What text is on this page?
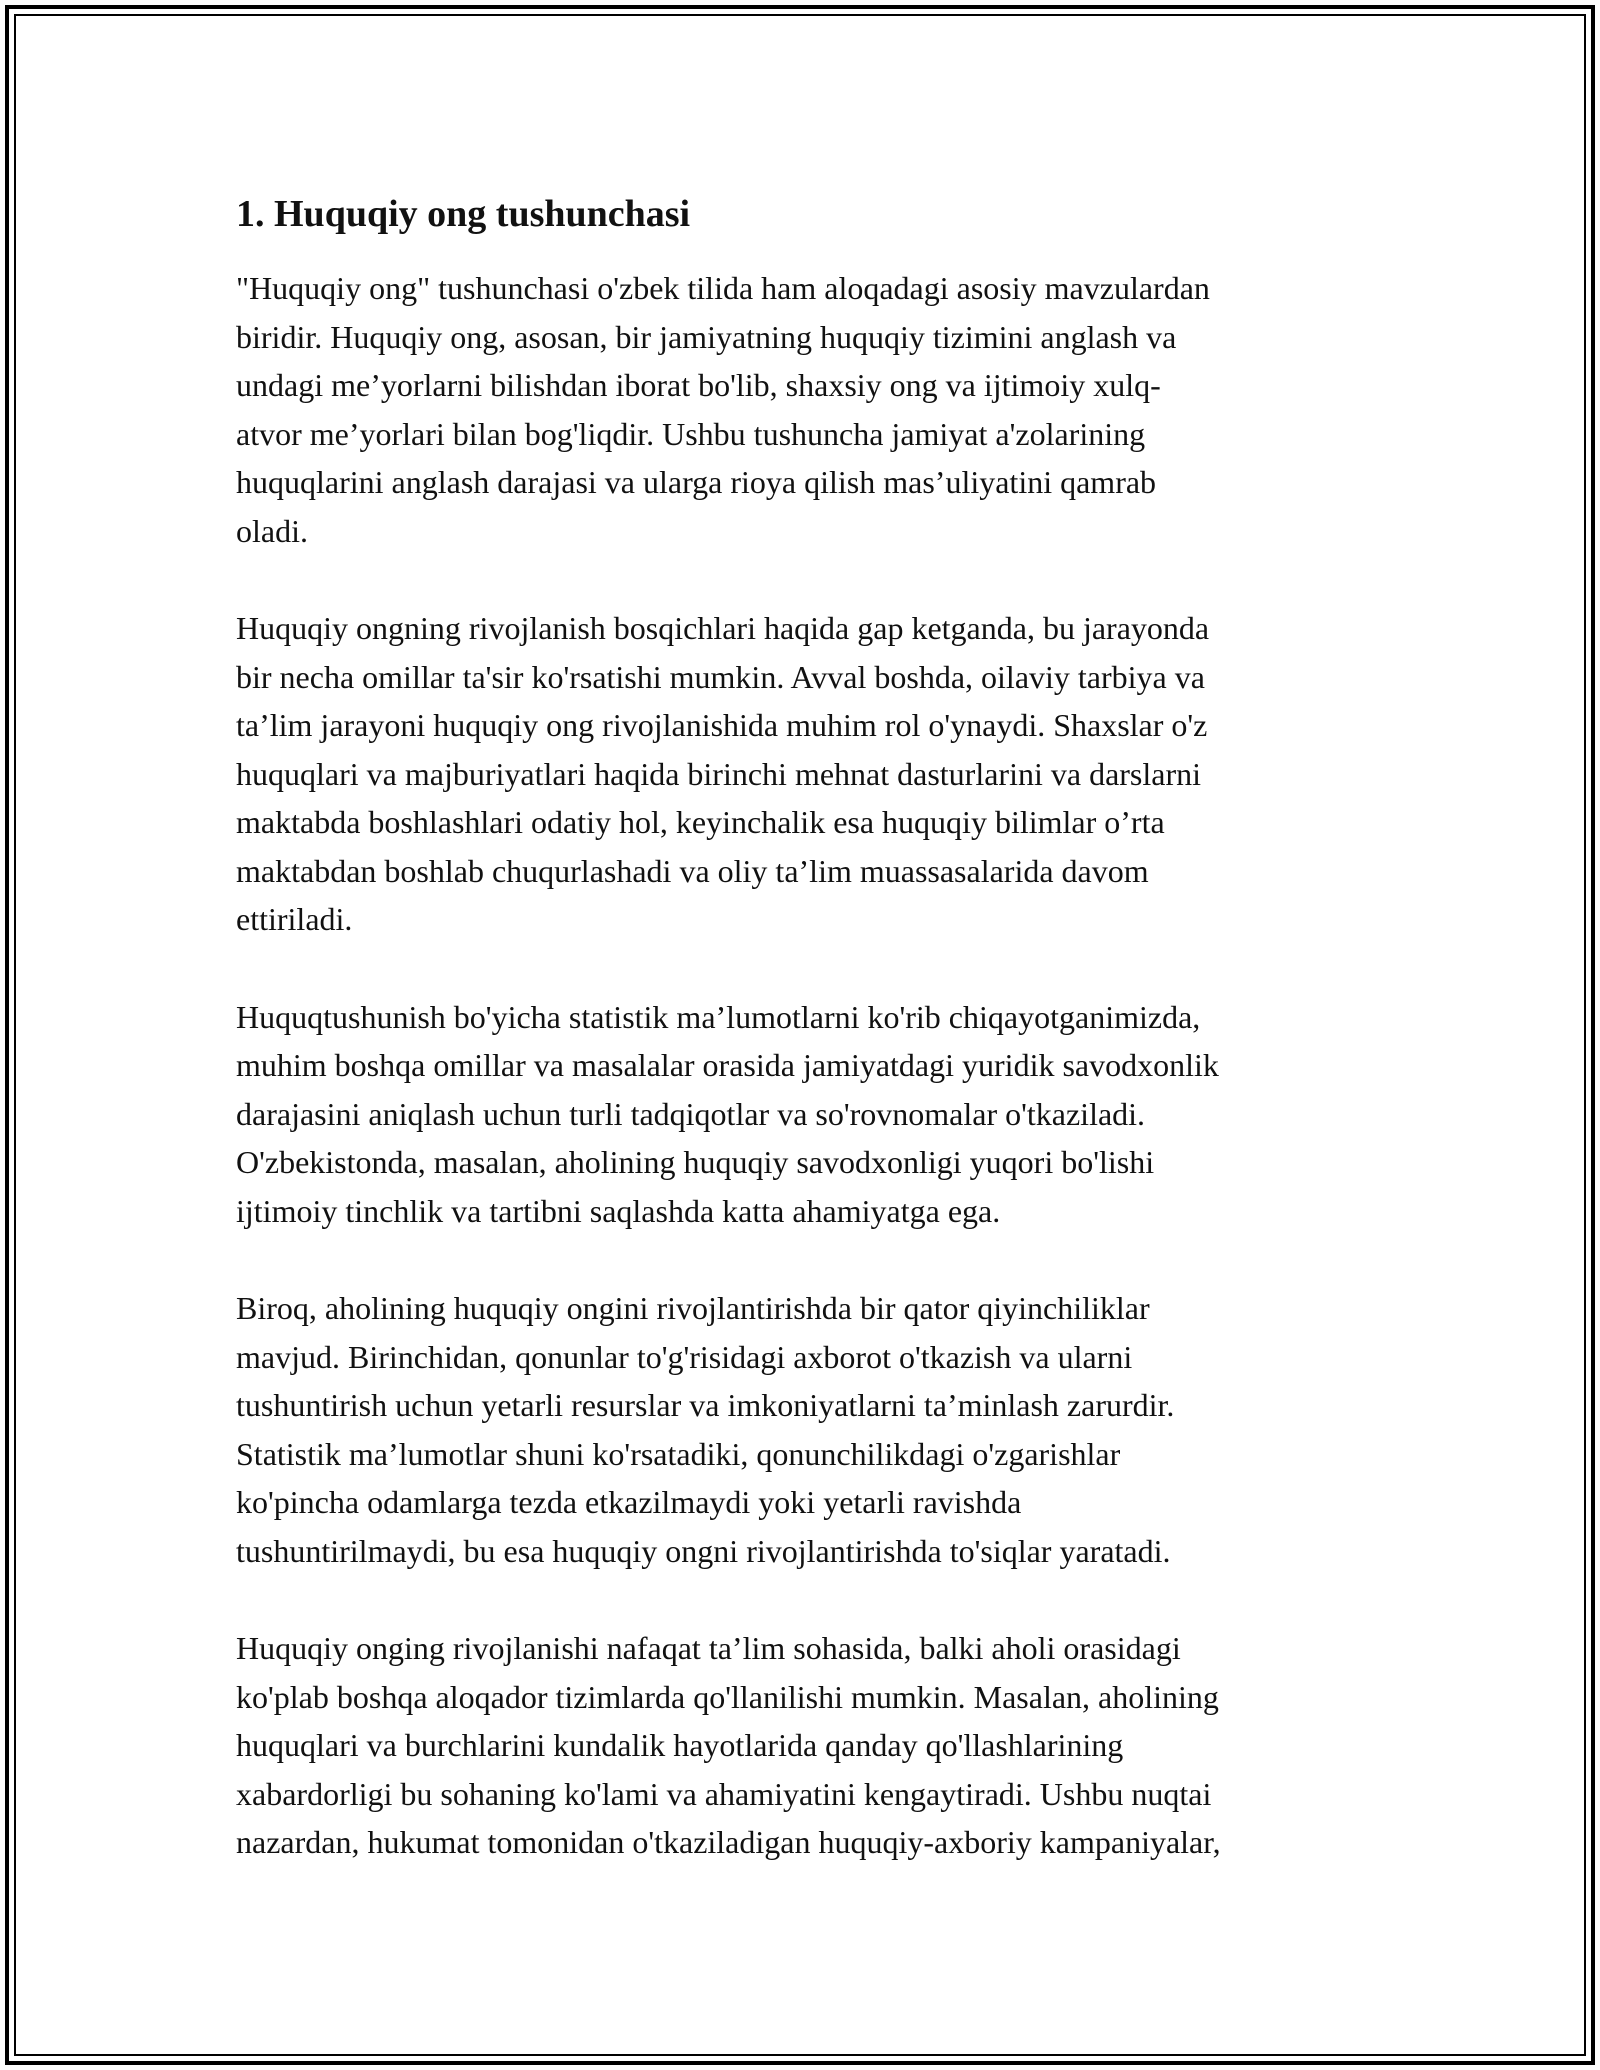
1. Huquqiy ong tushunchasi

"Huquqiy ong" tushunchasi o'zbek tilida ham aloqadagi asosiy mavzulardan
biridir. Huquqiy ong, asosan, bir jamiyatning huquqiy tizimini anglash va
undagi me’yorlarni bilishdan iborat bo'lib, shaxsiy ong va ijtimoiy xulq-
atvor me’yorlari bilan bog'liqdir. Ushbu tushuncha jamiyat a'zolarining
huquqlarini anglash darajasi va ularga rioya qilish mas’uliyatini qamrab
oladi.

Huquqiy ongning rivojlanish bosqichlari haqida gap ketganda, bu jarayonda
bir necha omillar ta'sir ko'rsatishi mumkin. Avval boshda, oilaviy tarbiya va
ta’lim jarayoni huquqiy ong rivojlanishida muhim rol o'ynaydi. Shaxslar o'z
huquqlari va majburiyatlari haqida birinchi mehnat dasturlarini va darslarni
maktabda boshlashlari odatiy hol, keyinchalik esa huquqiy bilimlar o’rta
maktabdan boshlab chuqurlashadi va oliy ta’lim muassasalarida davom
ettiriladi.

Huquqtushunish bo'yicha statistik ma’lumotlarni ko'rib chiqayotganimizda,
muhim boshqa omillar va masalalar orasida jamiyatdagi yuridik savodxonlik
darajasini aniqlash uchun turli tadqiqotlar va so'rovnomalar o'tkaziladi.
O'zbekistonda, masalan, aholining huquqiy savodxonligi yuqori bo'lishi
ijtimoiy tinchlik va tartibni saqlashda katta ahamiyatga ega.

Biroq, aholining huquqiy ongini rivojlantirishda bir qator qiyinchiliklar
mavjud. Birinchidan, qonunlar to'g'risidagi axborot o'tkazish va ularni
tushuntirish uchun yetarli resurslar va imkoniyatlarni ta’minlash zarurdir.
Statistik ma’lumotlar shuni ko'rsatadiki, qonunchilikdagi o'zgarishlar
ko'pincha odamlarga tezda etkazilmaydi yoki yetarli ravishda
tushuntirilmaydi, bu esa huquqiy ongni rivojlantirishda to'siqlar yaratadi.

Huquqiy onging rivojlanishi nafaqat ta’lim sohasida, balki aholi orasidagi
ko'plab boshqa aloqador tizimlarda qo'llanilishi mumkin. Masalan, aholining
huquqlari va burchlarini kundalik hayotlarida qanday qo'llashlarining
xabardorligi bu sohaning ko'lami va ahamiyatini kengaytiradi. Ushbu nuqtai
nazardan, hukumat tomonidan o'tkaziladigan huquqiy-axboriy kampaniyalar,
